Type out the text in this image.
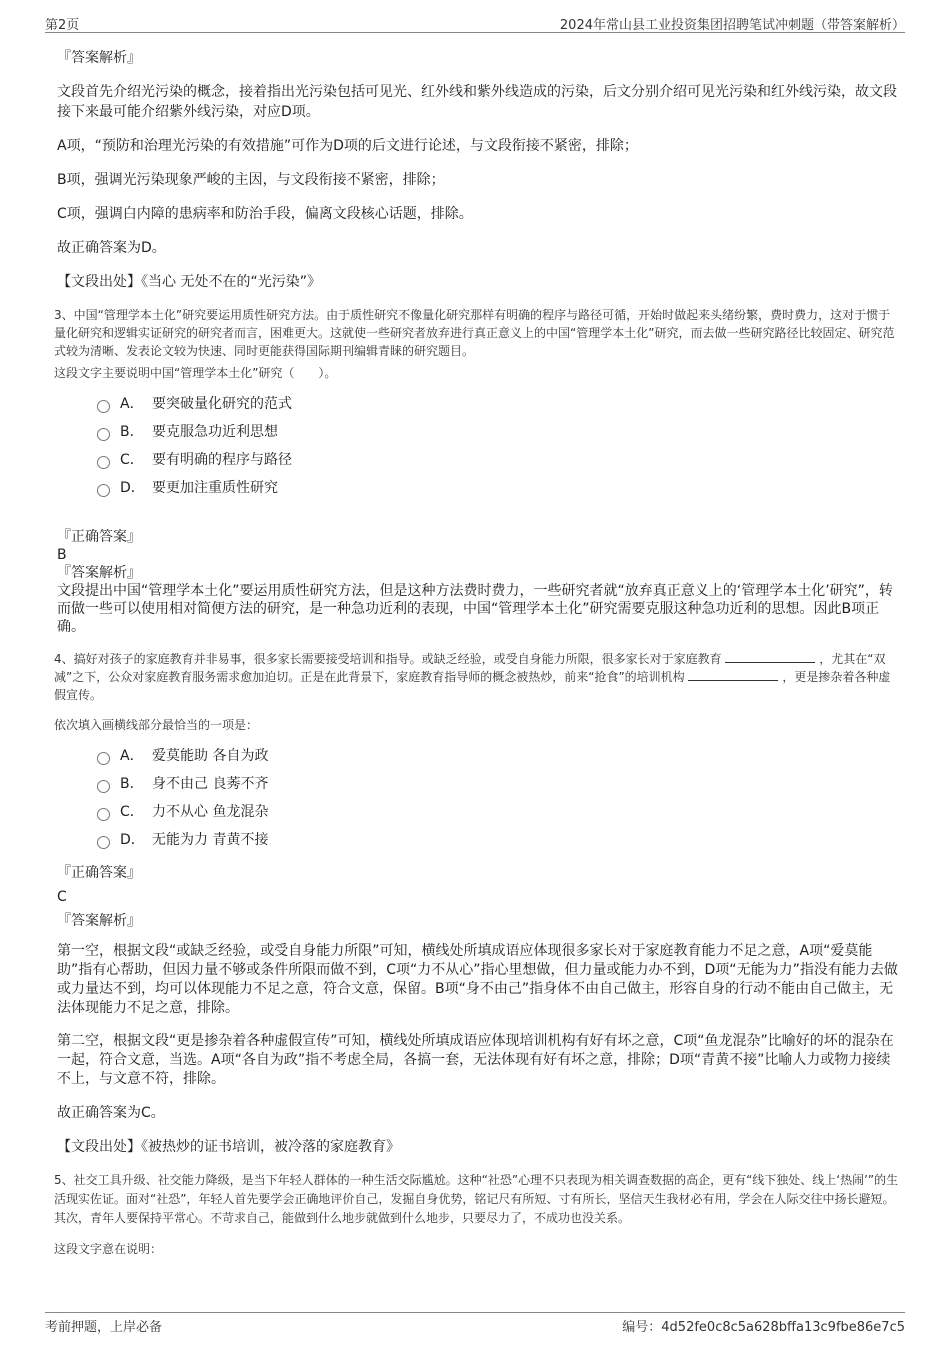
第2页	2024年常山县工业投资集团招聘笔试冲刺题（带答案解析）
『答案解析』

文段首先介绍光污染的概念，接着指出光污染包括可见光、红外线和紫外线造成的污染，后文分别介绍可见光污染和红外线污染，故文段接下来最可能介绍紫外线污染，对应D项。

A项，“预防和治理光污染的有效措施”可作为D项的后文进行论述，与文段衔接不紧密，排除；

B项，强调光污染现象严峻的主因，与文段衔接不紧密，排除；

C项，强调白内障的患病率和防治手段，偏离文段核心话题，排除。

故正确答案为D。

【文段出处】《当心 无处不在的“光污染”》

3、中国“管理学本土化”研究要运用质性研究方法。由于质性研究不像量化研究那样有明确的程序与路径可循，开始时做起来头绪纷繁，费时费力，这对于惯于量化研究和逻辑实证研究的研究者而言，困难更大。这就使一些研究者放弃进行真正意义上的中国“管理学本土化”研究，而去做一些研究路径比较固定、研究范式较为清晰、发表论文较为快速、同时更能获得国际期刊编辑青睐的研究题目。

这段文字主要说明中国“管理学本土化”研究（　　）。

A． 要突破量化研究的范式
B． 要克服急功近利思想
C． 要有明确的程序与路径
D． 要更加注重质性研究

『正确答案』

B

『答案解析』

文段提出中国“管理学本土化”要运用质性研究方法，但是这种方法费时费力，一些研究者就“放弃真正意义上的‘管理学本土化’研究”，转而做一些可以使用相对简便方法的研究，是一种急功近利的表现，中国“管理学本土化”研究需要克服这种急功近利的思想。因此B项正确。

4、搞好对孩子的家庭教育并非易事，很多家长需要接受培训和指导。或缺乏经验，或受自身能力所限，很多家长对于家庭教育	，尤其在“双减”之下，公众对家庭教育服务需求愈加迫切。正是在此背景下，家庭教育指导师的概念被热炒，前来“抢食”的培训机构	，更是掺杂着各种虚假宣传。

依次填入画横线部分最恰当的一项是：

A． 爱莫能助 各自为政
B． 身不由己 良莠不齐
C． 力不从心 鱼龙混杂
D． 无能为力 青黄不接

『正确答案』

C

『答案解析』

第一空，根据文段“或缺乏经验，或受自身能力所限”可知，横线处所填成语应体现很多家长对于家庭教育能力不足之意，A项“爱莫能助”指有心帮助，但因力量不够或条件所限而做不到，C项“力不从心”指心里想做，但力量或能力办不到，D项“无能为力”指没有能力去做或力量达不到，均可以体现能力不足之意，符合文意，保留。B项“身不由己”指身体不由自己做主，形容自身的行动不能由自己做主，无法体现能力不足之意，排除。

第二空，根据文段“更是掺杂着各种虚假宣传”可知，横线处所填成语应体现培训机构有好有坏之意，C项“鱼龙混杂”比喻好的坏的混杂在一起，符合文意，当选。A项“各自为政”指不考虑全局，各搞一套，无法体现有好有坏之意，排除；D项“青黄不接”比喻人力或物力接续不上，与文意不符，排除。

故正确答案为C。

【文段出处】《被热炒的证书培训，被冷落的家庭教育》

5、社交工具升级、社交能力降级，是当下年轻人群体的一种生活交际尴尬。这种“社恐”心理不只表现为相关调查数据的高企，更有“线下独处、线上‘热闹’”的生活现实佐证。面对“社恐”，年轻人首先要学会正确地评价自己，发掘自身优势，铭记尺有所短、寸有所长，坚信天生我材必有用，学会在人际交往中扬长避短。其次，青年人要保持平常心。不苛求自己，能做到什么地步就做到什么地步，只要尽力了，不成功也没关系。

这段文字意在说明：

考前押题，上岸必备	编号：4d52fe0c8c5a628bffa13c9fbe86e7c5
